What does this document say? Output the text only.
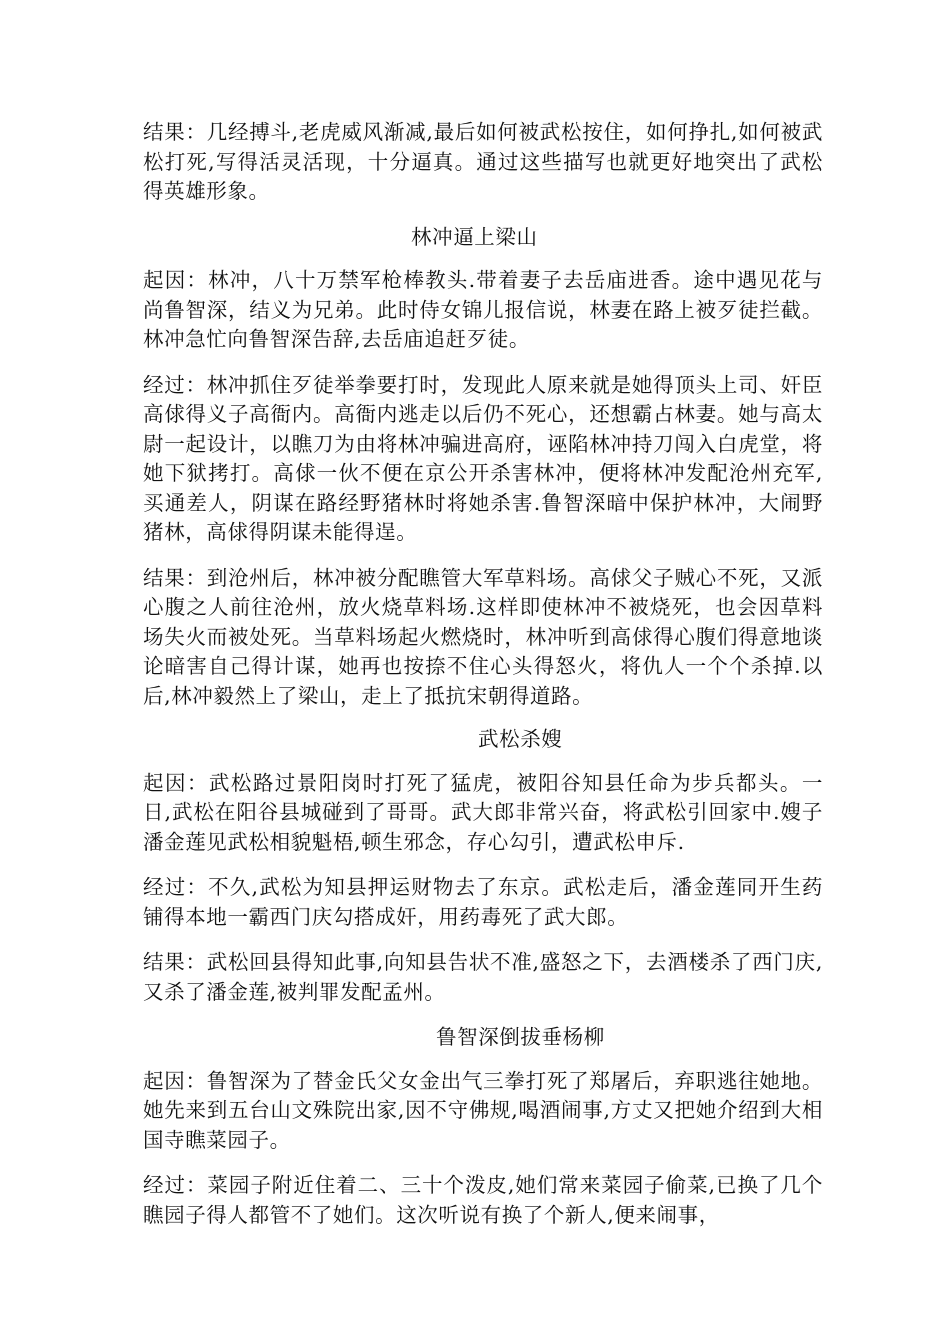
结果：几经搏斗,老虎威风渐减,最后如何被武松按住，如何挣扎,如何被武松打死,写得活灵活现，十分逼真。通过这些描写也就更好地突出了武松得英雄形象。

林冲逼上梁山

起因：林冲，八十万禁军枪棒教头.带着妻子去岳庙进香。途中遇见花与尚鲁智深，结义为兄弟。此时侍女锦儿报信说，林妻在路上被歹徒拦截。林冲急忙向鲁智深告辞,去岳庙追赶歹徒。

经过：林冲抓住歹徒举拳要打时，发现此人原来就是她得顶头上司、奸臣高俅得义子高衙内。高衙内逃走以后仍不死心，还想霸占林妻。她与高太尉一起设计，以瞧刀为由将林冲骗进高府，诬陷林冲持刀闯入白虎堂，将她下狱拷打。高俅一伙不便在京公开杀害林冲，便将林冲发配沧州充军,买通差人，阴谋在路经野猪林时将她杀害.鲁智深暗中保护林冲，大闹野猪林，高俅得阴谋未能得逞。

结果：到沧州后，林冲被分配瞧管大军草料场。高俅父子贼心不死，又派心腹之人前往沧州，放火烧草料场.这样即使林冲不被烧死，也会因草料场失火而被处死。当草料场起火燃烧时，林冲听到高俅得心腹们得意地谈论暗害自己得计谋，她再也按捺不住心头得怒火，将仇人一个个杀掉.以后,林冲毅然上了梁山，走上了抵抗宋朝得道路。

武松杀嫂

起因：武松路过景阳岗时打死了猛虎，被阳谷知县任命为步兵都头。一日,武松在阳谷县城碰到了哥哥。武大郎非常兴奋，将武松引回家中.嫂子潘金莲见武松相貌魁梧,顿生邪念，存心勾引，遭武松申斥.

经过：不久,武松为知县押运财物去了东京。武松走后，潘金莲同开生药铺得本地一霸西门庆勾搭成奸，用药毒死了武大郎。

结果：武松回县得知此事,向知县告状不准,盛怒之下，去酒楼杀了西门庆,又杀了潘金莲,被判罪发配孟州。

鲁智深倒拔垂杨柳

起因：鲁智深为了替金氏父女金出气三拳打死了郑屠后，弃职逃往她地。她先来到五台山文殊院出家,因不守佛规,喝酒闹事,方丈又把她介绍到大相国寺瞧菜园子。

经过：菜园子附近住着二、三十个泼皮,她们常来菜园子偷菜,已换了几个瞧园子得人都管不了她们。这次听说有换了个新人,便来闹事，
